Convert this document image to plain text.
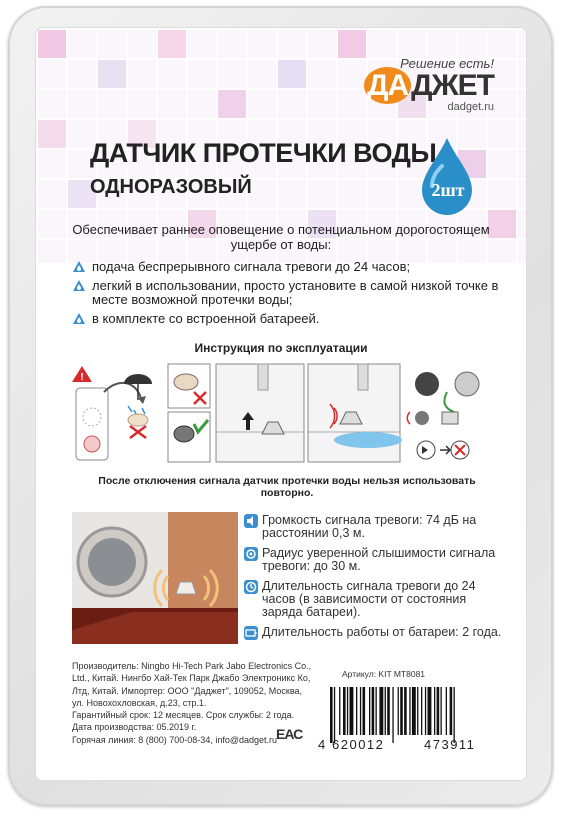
Решение есть!
ДА ДЖЕТ
dadget.ru
ДАТЧИК ПРОТЕЧКИ ВОДЫ
ОДНОРАЗОВЫЙ	2шт
Обеспечивает раннее оповещение о потенциальном дорогостоящем ущербе от воды:
подача беспрерывного сигнала тревоги до 24 часов;
легкий в использовании, просто установите в самой низкой точке в месте возможной протечки воды;
в комплекте со встроенной батареей.
Инструкция по эксплуатации
!
После отключения сигнала датчик протечки воды нельзя использовать повторно.
Громкость сигнала тревоги: 74 дБ на расстоянии 0,3 м.
Радиус уверенной слышимости сигнала тревоги: до 30 м.
Длительность сигнала тревоги до 24 часов (в зависимости от состояния заряда батареи).
Длительность работы от батареи: 2 года.
Производитель: Ningbo Hi-Tech Park Jabo Electronics Co., Ltd., Китай. Нингбо Хай-Тек Парк Джабо Электроникс Ко, Лтд, Китай. Импортер: ООО "Даджет", 109052, Москва, ул. Новохохловская, д.23, стр.1.
Гарантийный срок: 12 месяцев. Срок службы: 2 года.
Дата производства: 05.2019 г.
Горячая линия: 8 (800) 700-08-34, info@dadget.ru
Артикул: KIT MT8081
ЕАС
4 620012	473911
